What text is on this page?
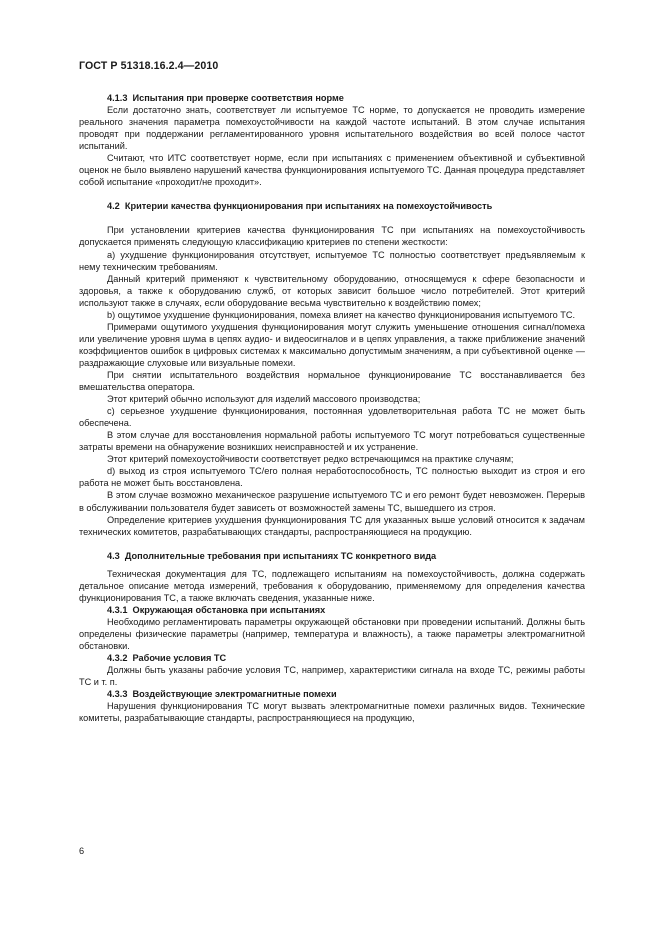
ГОСТ Р 51318.16.2.4—2010
4.1.3 Испытания при проверке соответствия норме

Если достаточно знать, соответствует ли испытуемое ТС норме, то допускается не проводить измерение реального значения параметра помехоустойчивости на каждой частоте испытаний. В этом случае испытания проводят при поддержании регламентированного уровня испытательного воздействия во всей полосе частот испытаний.

Считают, что ИТС соответствует норме, если при испытаниях с применением объективной и субъективной оценок не было выявлено нарушений качества функционирования испытуемого ТС. Данная процедура представляет собой испытание «проходит/не проходит».

4.2 Критерии качества функционирования при испытаниях на помехоустойчивость

При установлении критериев качества функционирования ТС при испытаниях на помехоустойчивость допускается применять следующую классификацию критериев по степени жесткости:

а) ухудшение функционирования отсутствует, испытуемое ТС полностью соответствует предъявляемым к нему техническим требованиям.

Данный критерий применяют к чувствительному оборудованию, относящемуся к сфере безопасности и здоровья, а также к оборудованию служб, от которых зависит большое число потребителей. Этот критерий используют также в случаях, если оборудование весьма чувствительно к воздействию помех;

b) ощутимое ухудшение функционирования, помеха влияет на качество функционирования испытуемого ТС.

Примерами ощутимого ухудшения функционирования могут служить уменьшение отношения сигнал/помеха или увеличение уровня шума в цепях аудио- и видеосигналов и в цепях управления, а также приближение значений коэффициентов ошибок в цифровых системах к максимально допустимым значениям, а при субъективной оценке — раздражающие слуховые или визуальные помехи.

При снятии испытательного воздействия нормальное функционирование ТС восстанавливается без вмешательства оператора.

Этот критерий обычно используют для изделий массового производства;

с) серьезное ухудшение функционирования, постоянная удовлетворительная работа ТС не может быть обеспечена.

В этом случае для восстановления нормальной работы испытуемого ТС могут потребоваться существенные затраты времени на обнаружение возникших неисправностей и их устранение.

Этот критерий помехоустойчивости соответствует редко встречающимся на практике случаям;

d) выход из строя испытуемого ТС/его полная неработоспособность, ТС полностью выходит из строя и его работа не может быть восстановлена.

В этом случае возможно механическое разрушение испытуемого ТС и его ремонт будет невозможен. Перерыв в обслуживании пользователя будет зависеть от возможностей замены ТС, вышедшего из строя.

Определение критериев ухудшения функционирования ТС для указанных выше условий относится к задачам технических комитетов, разрабатывающих стандарты, распространяющиеся на продукцию.

4.3 Дополнительные требования при испытаниях ТС конкретного вида

Техническая документация для ТС, подлежащего испытаниям на помехоустойчивость, должна содержать детальное описание метода измерений, требования к оборудованию, применяемому для определения качества функционирования ТС, а также включать сведения, указанные ниже.

4.3.1 Окружающая обстановка при испытаниях

Необходимо регламентировать параметры окружающей обстановки при проведении испытаний. Должны быть определены физические параметры (например, температура и влажность), а также параметры электромагнитной обстановки.

4.3.2 Рабочие условия ТС

Должны быть указаны рабочие условия ТС, например, характеристики сигнала на входе ТС, режимы работы ТС и т. п.

4.3.3 Воздействующие электромагнитные помехи

Нарушения функционирования ТС могут вызвать электромагнитные помехи различных видов. Технические комитеты, разрабатывающие стандарты, распространяющиеся на продукцию,

6
